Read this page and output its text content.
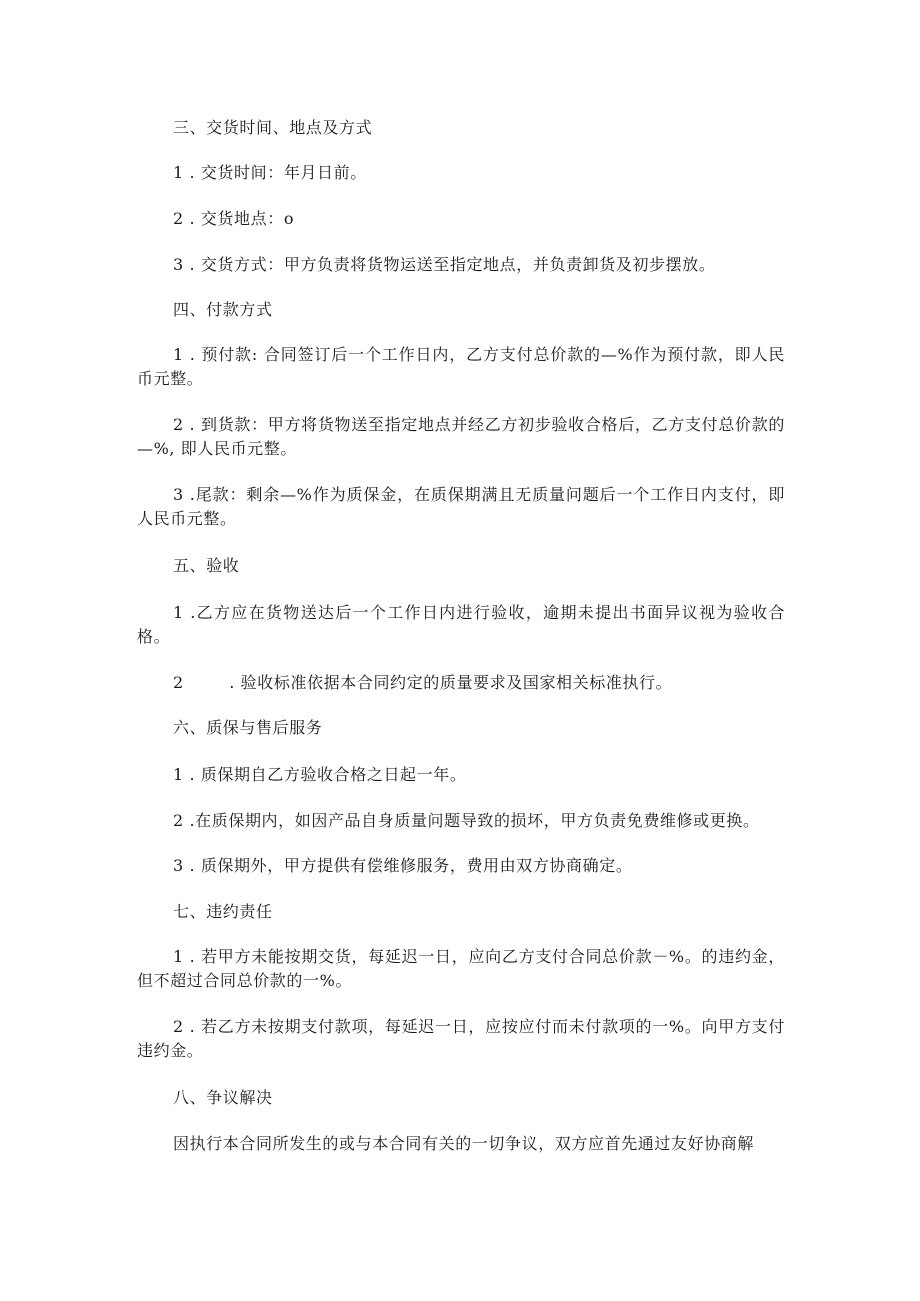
三、交货时间、地点及方式
1 . 交货时间：年月日前。
2 . 交货地点：o
3 . 交货方式：甲方负责将货物运送至指定地点，并负责卸货及初步摆放。
四、付款方式
1 . 预付款: 合同签订后一个工作日内，乙方支付总价款的—%作为预付款，即人民币元整。
2 . 到货款：甲方将货物送至指定地点并经乙方初步验收合格后，乙方支付总价款的—%, 即人民币元整。
3 .尾款：剩余—%作为质保金，在质保期满且无质量问题后一个工作日内支付，即人民币元整。
五、验收
1 .乙方应在货物送达后一个工作日内进行验收，逾期未提出书面异议视为验收合格。
2        . 验收标准依据本合同约定的质量要求及国家相关标准执行。
六、质保与售后服务
1 . 质保期自乙方验收合格之日起一年。
2 .在质保期内，如因产品自身质量问题导致的损坏，甲方负责免费维修或更换。
3 . 质保期外，甲方提供有偿维修服务，费用由双方协商确定。
七、违约责任
1 . 若甲方未能按期交货，每延迟一日，应向乙方支付合同总价款－%。的违约金，但不超过合同总价款的一%。
2 . 若乙方未按期支付款项，每延迟一日，应按应付而未付款项的一%。向甲方支付违约金。
八、争议解决
因执行本合同所发生的或与本合同有关的一切争议，双方应首先通过友好协商解
